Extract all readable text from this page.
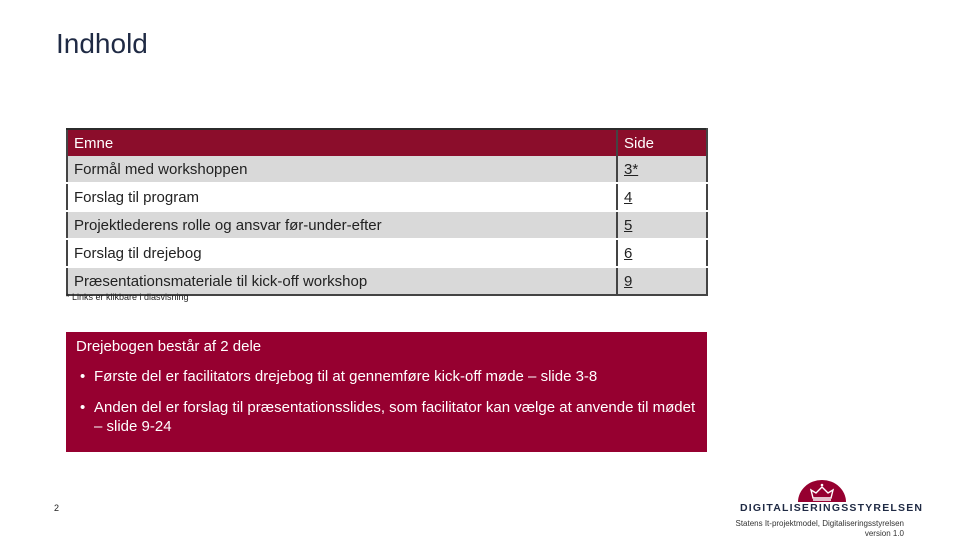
Indhold
Emne	Side
Formål med workshoppen	3*
Forslag til program	4
Projektlederens rolle og ansvar før-under-efter	5
Forslag til drejebog	6
Præsentationsmateriale til kick-off workshop	9
* Links er klikbare i diasvisning
Drejebogen består af 2 dele
• Første del er facilitators drejebog til at gennemføre kick-off møde – slide 3-8
• Anden del er forslag til præsentationsslides, som facilitator kan vælge at anvende til mødet – slide 9-24
2	DIGITALISERINGSSTYRELSEN
Statens It-projektmodel, Digitaliseringsstyrelsen
version 1.0
